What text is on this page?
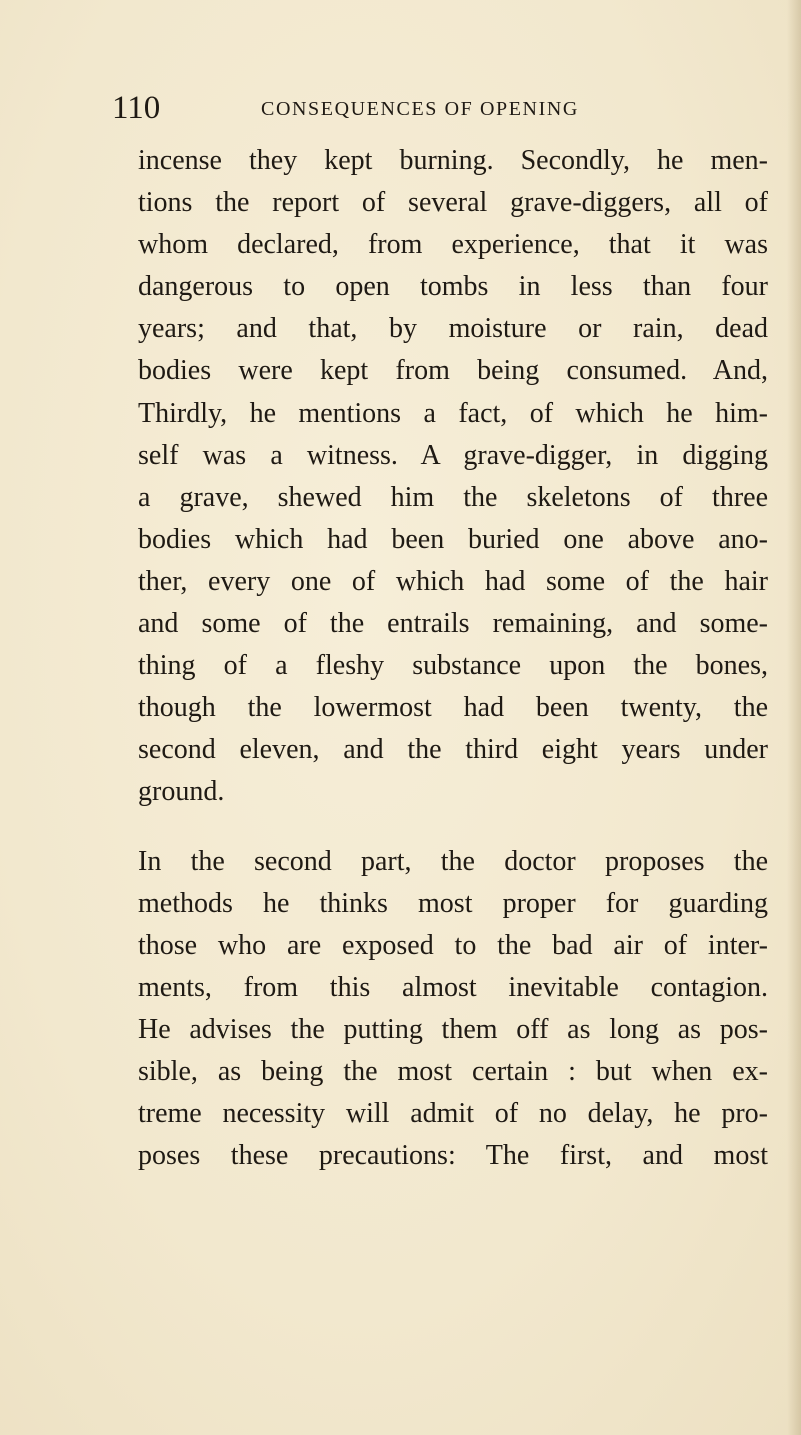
110	CONSEQUENCES OF OPENING
incense they kept burning. Secondly, he men-
tions the report of several grave-diggers, all of
whom declared, from experience, that it was
dangerous to open tombs in less than four
years; and that, by moisture or rain, dead
bodies were kept from being consumed. And,
Thirdly, he mentions a fact, of which he him-
self was a witness. A grave-digger, in digging
a grave, shewed him the skeletons of three
bodies which had been buried one above ano-
ther, every one of which had some of the hair
and some of the entrails remaining, and some-
thing of a fleshy substance upon the bones,
though the lowermost had been twenty, the
second eleven, and the third eight years under
ground.
In the second part, the doctor proposes the
methods he thinks most proper for guarding
those who are exposed to the bad air of inter-
ments, from this almost inevitable contagion.
He advises the putting them off as long as pos-
sible, as being the most certain : but when ex-
treme necessity will admit of no delay, he pro-
poses these precautions: The first, and most
